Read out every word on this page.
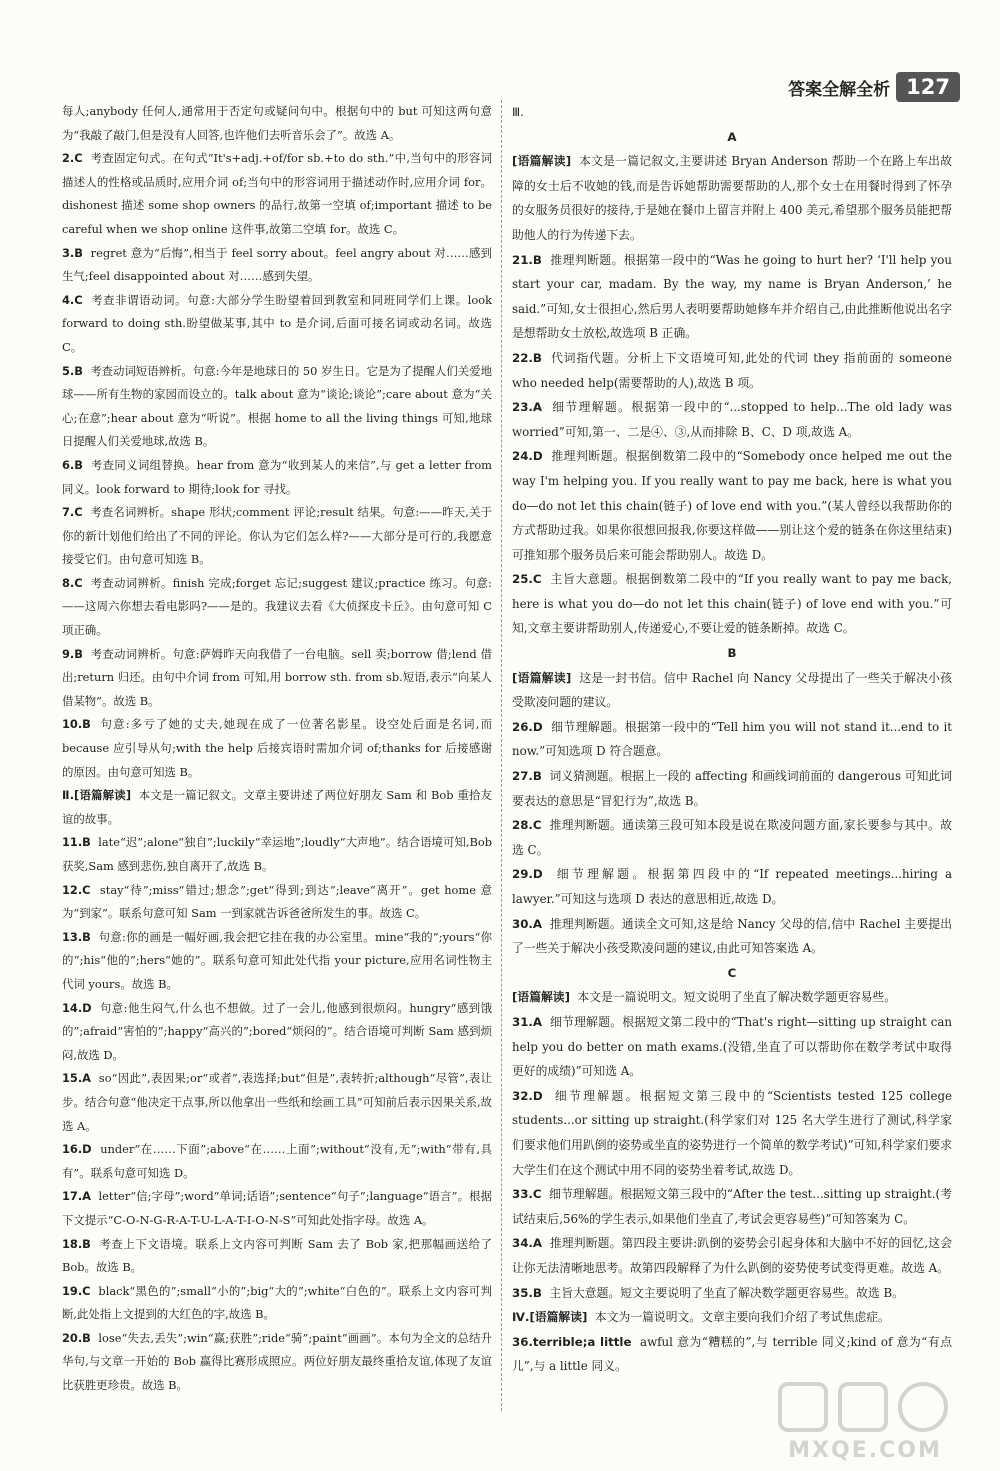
答案全解全析 127

每人;anybody 任何人,通常用于否定句或疑问句中。根据句中的 but 可知这两句意为“我敲了敲门,但是没有人回答,也许他们去听音乐会了”。故选 A。

2.C 考查固定句式。在句式“It's+adj.+of/for sb.+to do sth.”中,当句中的形容词描述人的性格或品质时,应用介词 of;当句中的形容词用于描述动作时,应用介词 for。dishonest 描述 some shop owners 的品行,故第一空填 of;important 描述 to be careful when we shop online 这件事,故第二空填 for。故选 C。

3.B regret 意为“后悔”,相当于 feel sorry about。feel angry about 对……感到生气;feel disappointed about 对……感到失望。

4.C 考查非谓语动词。句意:大部分学生盼望着回到教室和同班同学们上课。look forward to doing sth.盼望做某事,其中 to 是介词,后面可接名词或动名词。故选 C。

5.B 考查动词短语辨析。句意:今年是地球日的 50 岁生日。它是为了提醒人们关爱地球——所有生物的家园而设立的。talk about 意为“谈论;谈论”;care about 意为“关心;在意”;hear about 意为“听说”。根据 home to all the living things 可知,地球日提醒人们关爱地球,故选 B。

6.B 考查同义词组替换。hear from 意为“收到某人的来信”,与 get a letter from 同义。look forward to 期待;look for 寻找。

7.C 考查名词辨析。shape 形状;comment 评论;result 结果。句意:——昨天,关于你的新计划他们给出了不同的评论。你认为它们怎么样?——大部分是可行的,我愿意接受它们。由句意可知选 B。

8.C 考查动词辨析。finish 完成;forget 忘记;suggest 建议;practice 练习。句意:——这周六你想去看电影吗?——是的。我建议去看《大侦探皮卡丘》。由句意可知 C 项正确。

9.B 考查动词辨析。句意:萨姆昨天向我借了一台电脑。sell 卖;borrow 借;lend 借出;return 归还。由句中介词 from 可知,用 borrow sth. from sb.短语,表示“向某人借某物”。故选 B。

10.B 句意:多亏了她的丈夫,她现在成了一位著名影星。设空处后面是名词,而 because 应引导从句;with the help 后接宾语时需加介词 of;thanks for 后接感谢的原因。由句意可知选 B。

Ⅱ.[语篇解读] 本文是一篇记叙文。文章主要讲述了两位好朋友 Sam 和 Bob 重拾友谊的故事。

11.B late“迟”;alone“独自”;luckily“幸运地”;loudly“大声地”。结合语境可知,Bob 获奖,Sam 感到悲伤,独自离开了,故选 B。

12.C stay“待”;miss“错过;想念”;get“得到;到达”;leave“离开”。get home 意为“到家”。联系句意可知 Sam 一到家就告诉爸爸所发生的事。故选 C。

13.B 句意:你的画是一幅好画,我会把它挂在我的办公室里。mine“我的”;yours“你的”;his“他的”;hers“她的”。联系句意可知此处代指 your picture,应用名词性物主代词 yours。故选 B。

14.D 句意:他生闷气,什么也不想做。过了一会儿,他感到很烦闷。hungry“感到饿的”;afraid“害怕的”;happy“高兴的”;bored“烦闷的”。结合语境可判断 Sam 感到烦闷,故选 D。

15.A so“因此”,表因果;or“或者”,表选择;but“但是”,表转折;although“尽管”,表让步。结合句意“他决定干点事,所以他拿出一些纸和绘画工具”可知前后表示因果关系,故选 A。

16.D under“在……下面”;above“在……上面”;without“没有,无”;with“带有,具有”。联系句意可知选 D。

17.A letter“信;字母”;word“单词;话语”;sentence“句子”;language“语言”。根据下文提示“C-O-N-G-R-A-T-U-L-A-T-I-O-N-S”可知此处指字母。故选 A。

18.B 考查上下文语境。联系上文内容可判断 Sam 去了 Bob 家,把那幅画送给了 Bob。故选 B。

19.C black“黑色的”;small“小的”;big“大的”;white“白色的”。联系上文内容可判断,此处指上文提到的大红色的字,故选 B。

20.B lose“失去,丢失”;win“赢;获胜”;ride“骑”;paint“画画”。本句为全文的总结升华句,与文章一开始的 Bob 赢得比赛形成照应。两位好朋友最终重拾友谊,体现了友谊比获胜更珍贵。故选 B。

Ⅲ.

A

[语篇解读] 本文是一篇记叙文,主要讲述 Bryan Anderson 帮助一个在路上车出故障的女士后不收她的钱,而是告诉她帮助需要帮助的人,那个女士在用餐时得到了怀孕的女服务员很好的接待,于是她在餐巾上留言并附上 400 美元,希望那个服务员能把帮助他人的行为传递下去。

21.B 推理判断题。根据第一段中的“Was he going to hurt her? ‘I'll help you start your car, madam. By the way, my name is Bryan Anderson,’ he said.”可知,女士很担心,然后男人表明要帮助她修车并介绍自己,由此推断他说出名字是想帮助女士放松,故选项 B 正确。

22.B 代词指代题。分析上下文语境可知,此处的代词 they 指前面的 someone who needed help(需要帮助的人),故选 B 项。

23.A 细节理解题。根据第一段中的“...stopped to help...The old lady was worried”可知,第一、二是④、③,从而排除 B、C、D 项,故选 A。

24.D 推理判断题。根据倒数第二段中的“Somebody once helped me out the way I'm helping you. If you really want to pay me back, here is what you do—do not let this chain(链子) of love end with you.”(某人曾经以我帮助你的方式帮助过我。如果你很想回报我,你要这样做——别让这个爱的链条在你这里结束)可推知那个服务员后来可能会帮助别人。故选 D。

25.C 主旨大意题。根据倒数第二段中的“If you really want to pay me back, here is what you do—do not let this chain(链子) of love end with you.”可知,文章主要讲帮助别人,传递爱心,不要让爱的链条断掉。故选 C。

B

[语篇解读] 这是一封书信。信中 Rachel 向 Nancy 父母提出了一些关于解决小孩受欺凌问题的建议。

26.D 细节理解题。根据第一段中的“Tell him you will not stand it...end to it now.”可知选项 D 符合题意。

27.B 词义猜测题。根据上一段的 affecting 和画线词前面的 dangerous 可知此词要表达的意思是“冒犯行为”,故选 B。

28.C 推理判断题。通读第三段可知本段是说在欺凌问题方面,家长要参与其中。故选 C。

29.D 细节理解题。根据第四段中的“If repeated meetings...hiring a lawyer.”可知这与选项 D 表达的意思相近,故选 D。

30.A 推理判断题。通读全文可知,这是给 Nancy 父母的信,信中 Rachel 主要提出了一些关于解决小孩受欺凌问题的建议,由此可知答案选 A。

C

[语篇解读] 本文是一篇说明文。短文说明了坐直了解决数学题更容易些。

31.A 细节理解题。根据短文第二段中的“That's right—sitting up straight can help you do better on math exams.(没错,坐直了可以帮助你在数学考试中取得更好的成绩)”可知选 A。

32.D 细节理解题。根据短文第三段中的“Scientists tested 125 college students...or sitting up straight.(科学家们对 125 名大学生进行了测试,科学家们要求他们用趴倒的姿势或坐直的姿势进行一个简单的数学考试)”可知,科学家们要求大学生们在这个测试中用不同的姿势坐着考试,故选 D。

33.C 细节理解题。根据短文第三段中的“After the test...sitting up straight.(考试结束后,56%的学生表示,如果他们坐直了,考试会更容易些)”可知答案为 C。

34.A 推理判断题。第四段主要讲:趴倒的姿势会引起身体和大脑中不好的回忆,这会让你无法清晰地思考。故第四段解释了为什么趴倒的姿势使考试变得更难。故选 A。

35.B 主旨大意题。短文主要说明了坐直了解决数学题更容易些。故选 B。

Ⅳ.[语篇解读] 本文为一篇说明文。文章主要向我们介绍了考试焦虑症。

36.terrible;a little awful 意为“糟糕的”,与 terrible 同义;kind of 意为“有点儿”,与 a little 同义。

MXQE.COM
